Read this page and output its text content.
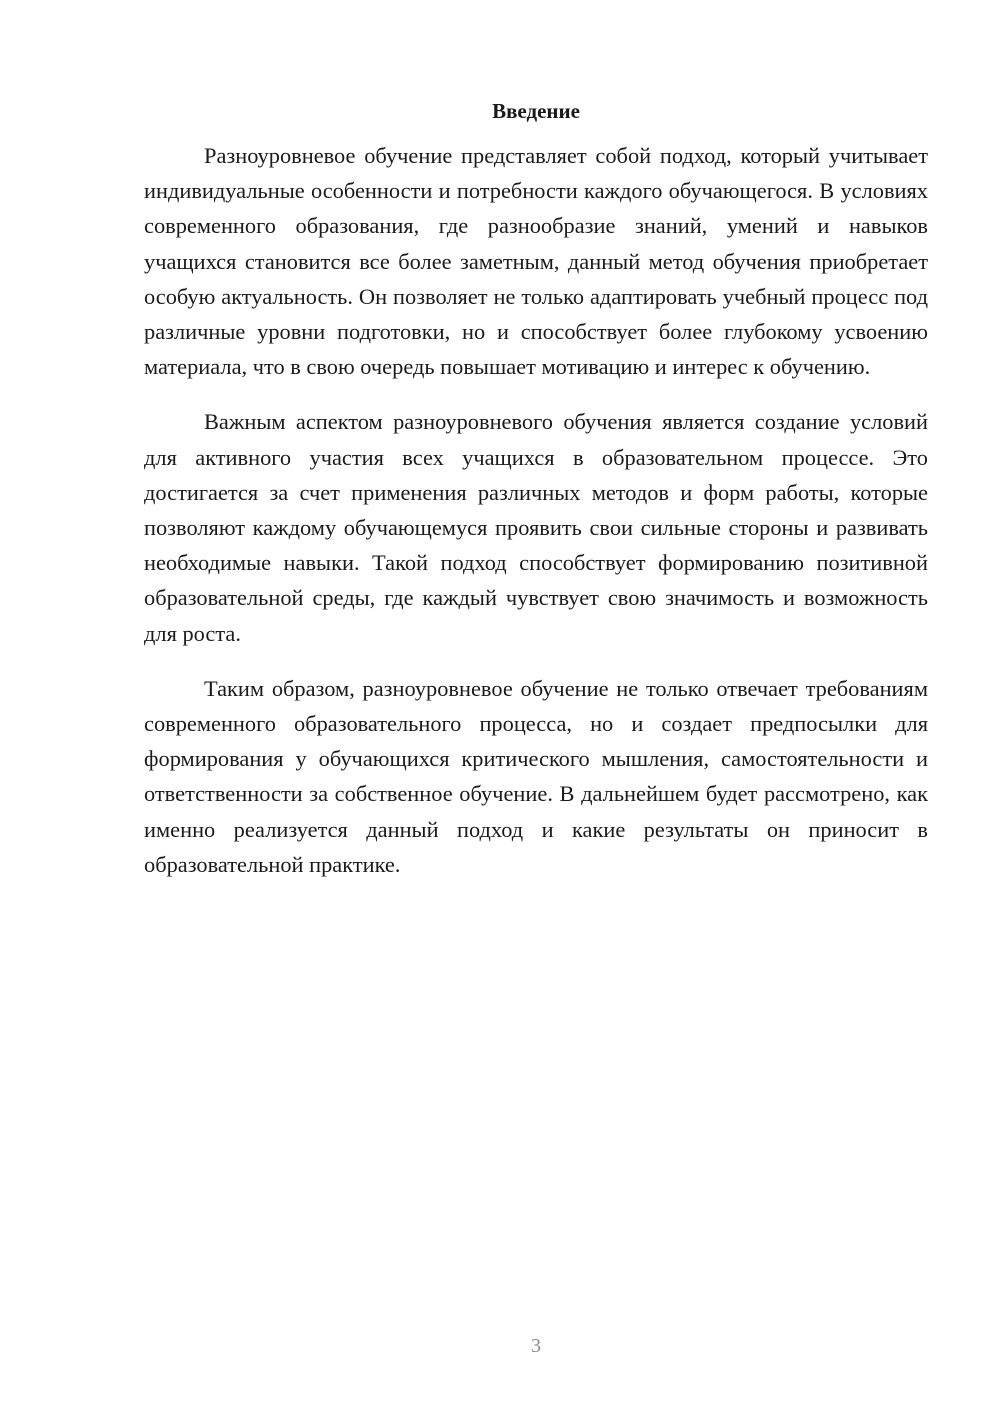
Введение

Разноуровневое обучение представляет собой подход, который учитывает индивидуальные особенности и потребности каждого обучающегося. В условиях современного образования, где разнообразие знаний, умений и навыков учащихся становится все более заметным, данный метод обучения приобретает особую актуальность. Он позволяет не только адаптировать учебный процесс под различные уровни подготовки, но и способствует более глубокому усвоению материала, что в свою очередь повышает мотивацию и интерес к обучению.

Важным аспектом разноуровневого обучения является создание условий для активного участия всех учащихся в образовательном процессе. Это достигается за счет применения различных методов и форм работы, которые позволяют каждому обучающемуся проявить свои сильные стороны и развивать необходимые навыки. Такой подход способствует формированию позитивной образовательной среды, где каждый чувствует свою значимость и возможность для роста.

Таким образом, разноуровневое обучение не только отвечает требованиям современного образовательного процесса, но и создает предпосылки для формирования у обучающихся критического мышления, самостоятельности и ответственности за собственное обучение. В дальнейшем будет рассмотрено, как именно реализуется данный подход и какие результаты он приносит в образовательной практике.

3
